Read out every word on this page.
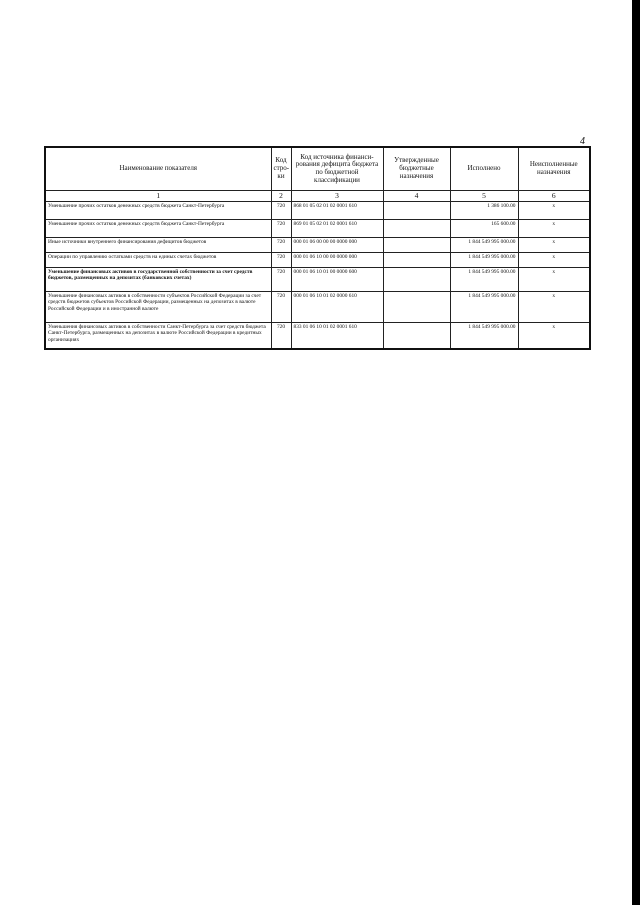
4
Наименование показателя	Код стро-ки	Код источника финанси-рования дефицита бюджета по бюджетной классификации	Утвержденные бюджетные назначения	Исполнено	Неисполненные назначения
1	2	3	4	5	6
Уменьшение прочих остатков денежных средств бюджета Санкт-Петербурга	720	868 01 05 02 01 02 0001 610		1 386 100.00	x
Уменьшение прочих остатков денежных средств бюджета Санкт-Петербурга	720	869 01 05 02 01 02 0001 610		165 600.00	x
Иные источники внутреннего финансирования дефицитов бюджетов	720	000 01 06 00 00 00 0000 000		1 844 549 995 000.00	x
Операции по управлению остатками средств на единых счетах бюджетов	720	000 01 06 10 00 00 0000 000		1 844 549 995 000.00	x
Уменьшение финансовых активов в государственной собственности за счет средств бюджетов, размещенных на депозитах (банковских счетах)	720	000 01 06 10 01 00 0000 600		1 844 549 995 000.00	x
Уменьшение финансовых активов в собственности субъектов Российской Федерации за счет средств бюджетов субъектов Российской Федерации, размещенных на депозитах в валюте Российской Федерации и в иностранной валюте	720	000 01 06 10 01 02 0000 610		1 844 549 995 000.00	x
Уменьшения финансовых активов в собственности Санкт-Петербурга за счет средств бюджета Санкт-Петербурга, размещенных на депозитах в валюте Российской Федерации в кредитных организациях	720	833 01 06 10 01 02 0001 610		1 844 549 995 000.00	x
